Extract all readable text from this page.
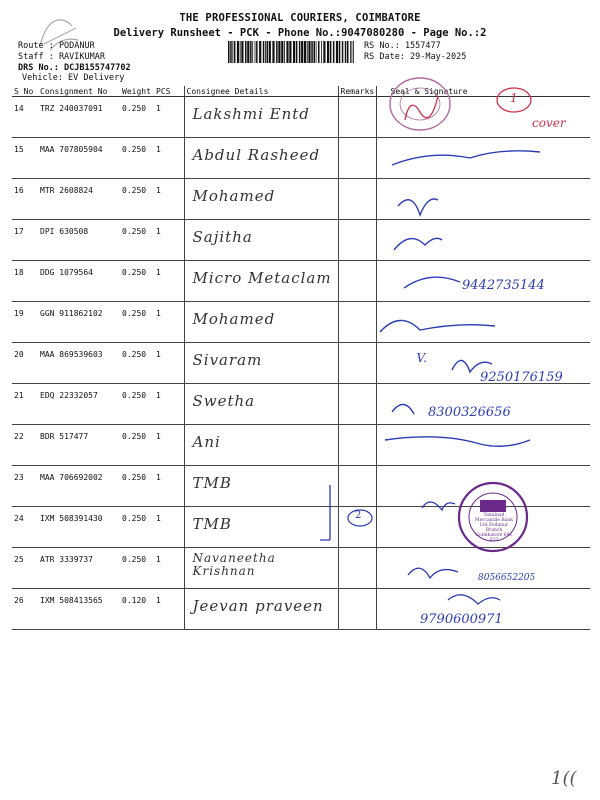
THE PROFESSIONAL COURIERS, COIMBATORE
Delivery Runsheet - PCK - Phone No.:9047080280 - Page No.:2
Route : PODANUR
Staff : RAVIKUMAR
DRS No.: DCJB155747702
Vehicle: EV Delivery
RS No.: 1557477
RS Date: 29-May-2025
S No	Consignment No	Weight	PCS	Consignee Details	Remarks	Seal & Signature

14	TRZ 240037091	0.250	1	Lakshmi Entd		

15	MAA 707805904	0.250	1	Abdul Rasheed		

16	MTR 2608824	0.250	1	Mohamed		

17	DPI 630508	0.250	1	Sajitha		

18	DDG 1079564	0.250	1	Micro Metaclam		

19	GGN 911862102	0.250	1	Mohamed		

20	MAA 869539603	0.250	1	Sivaram		V.

21	EDQ 22332057	0.250	1	Swetha		

22	BDR 517477	0.250	1	Ani		

23	MAA 706692002	0.250	1	TMB		

24	IXM 508391430	0.250	1	TMB		

25	ATR 3339737	0.250	1	Navaneetha Krishnan		

26	IXM 508413565	0.120	1	Jeevan praveen		

1
cover
2
1((
9442735144
9250176159
8300326656
8056652205
9790600971
Tamilnad Mercantile Bank Ltd Podanur Branch Coimbatore 641 023
